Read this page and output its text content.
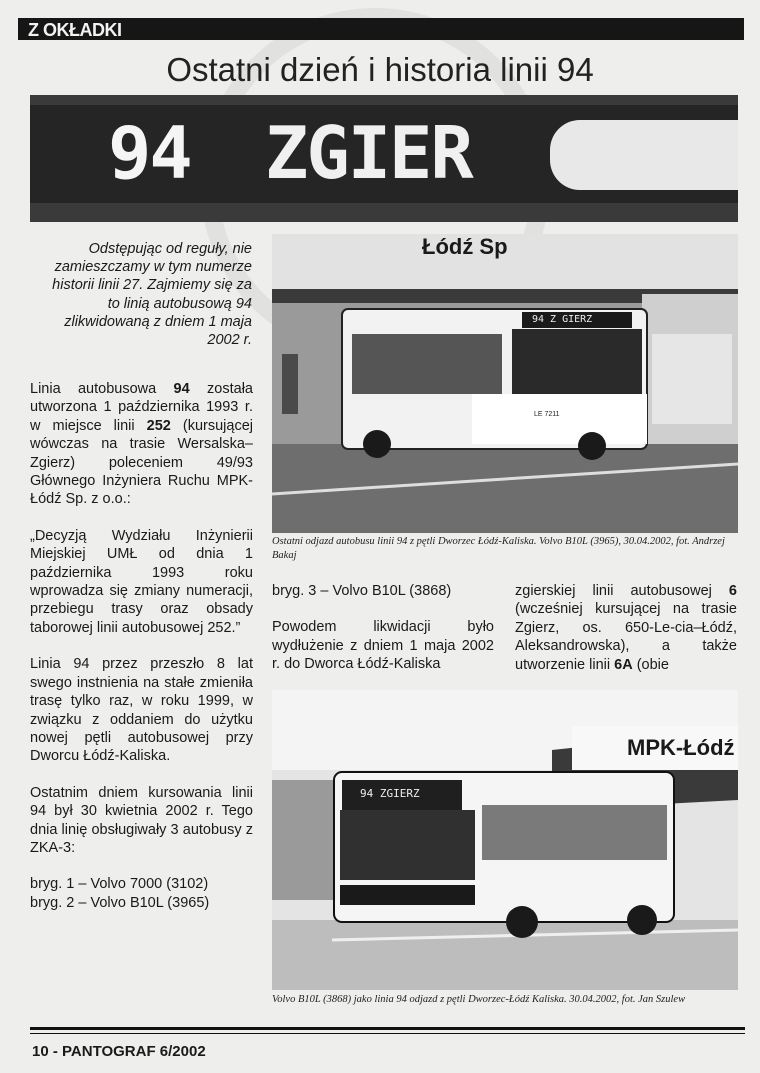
Z OKŁADKI
Ostatni dzień i historia linii 94
94 ZGIER
Odstępując od reguły, nie zamieszczamy w tym numerze historii linii 27. Zajmiemy się za to linią autobusową 94 zlikwidowaną z dniem 1 maja 2002 r.

Linia autobusowa 94 została utworzona 1 października 1993 r. w miejsce linii 252 (kursującej wówczas na trasie Wersalska–Zgierz) poleceniem 49/93 Głównego Inżyniera Ruchu MPK-Łódź Sp. z o.o.:

„Decyzją Wydziału Inżynierii Miejskiej UMŁ od dnia 1 października 1993 roku wprowadza się zmiany numeracji, przebiegu trasy oraz obsady taborowej linii autobusowej 252.”

Linia 94 przez przeszło 8 lat swego instnienia na stałe zmieniła trasę tylko raz, w roku 1999, w związku z oddaniem do użytku nowej pętli autobusowej przy Dworcu Łódź-Kaliska.

Ostatnim dniem kursowania linii 94 był 30 kwietnia 2002 r. Tego dnia linię obsługiwały 3 autobusy z ZKA-3:

bryg. 1 – Volvo 7000 (3102)

bryg. 2 – Volvo B10L (3965)

Łódź Sp
94 Z GIERZ
LE 7211
Ostatni odjazd autobusu linii 94 z pętli Dworzec Łódź-Kaliska. Volvo B10L (3965), 30.04.2002, fot. Andrzej Bakaj

bryg. 3 – Volvo B10L (3868)

Powodem likwidacji było wydłużenie z dniem 1 maja 2002 r. do Dworca Łódź-Kaliska

zgierskiej linii autobusowej 6 (wcześniej kursującej na trasie Zgierz, os. 650-Le-cia–Łódź, Aleksandrowska), a także utworzenie linii 6A (obie

MPK-Łódź
94 ZGIERZ
Volvo B10L (3868) jako linia 94 odjazd z pętli Dworzec-Łódź Kaliska. 30.04.2002, fot. Jan Szulew
10 - PANTOGRAF 6/2002
